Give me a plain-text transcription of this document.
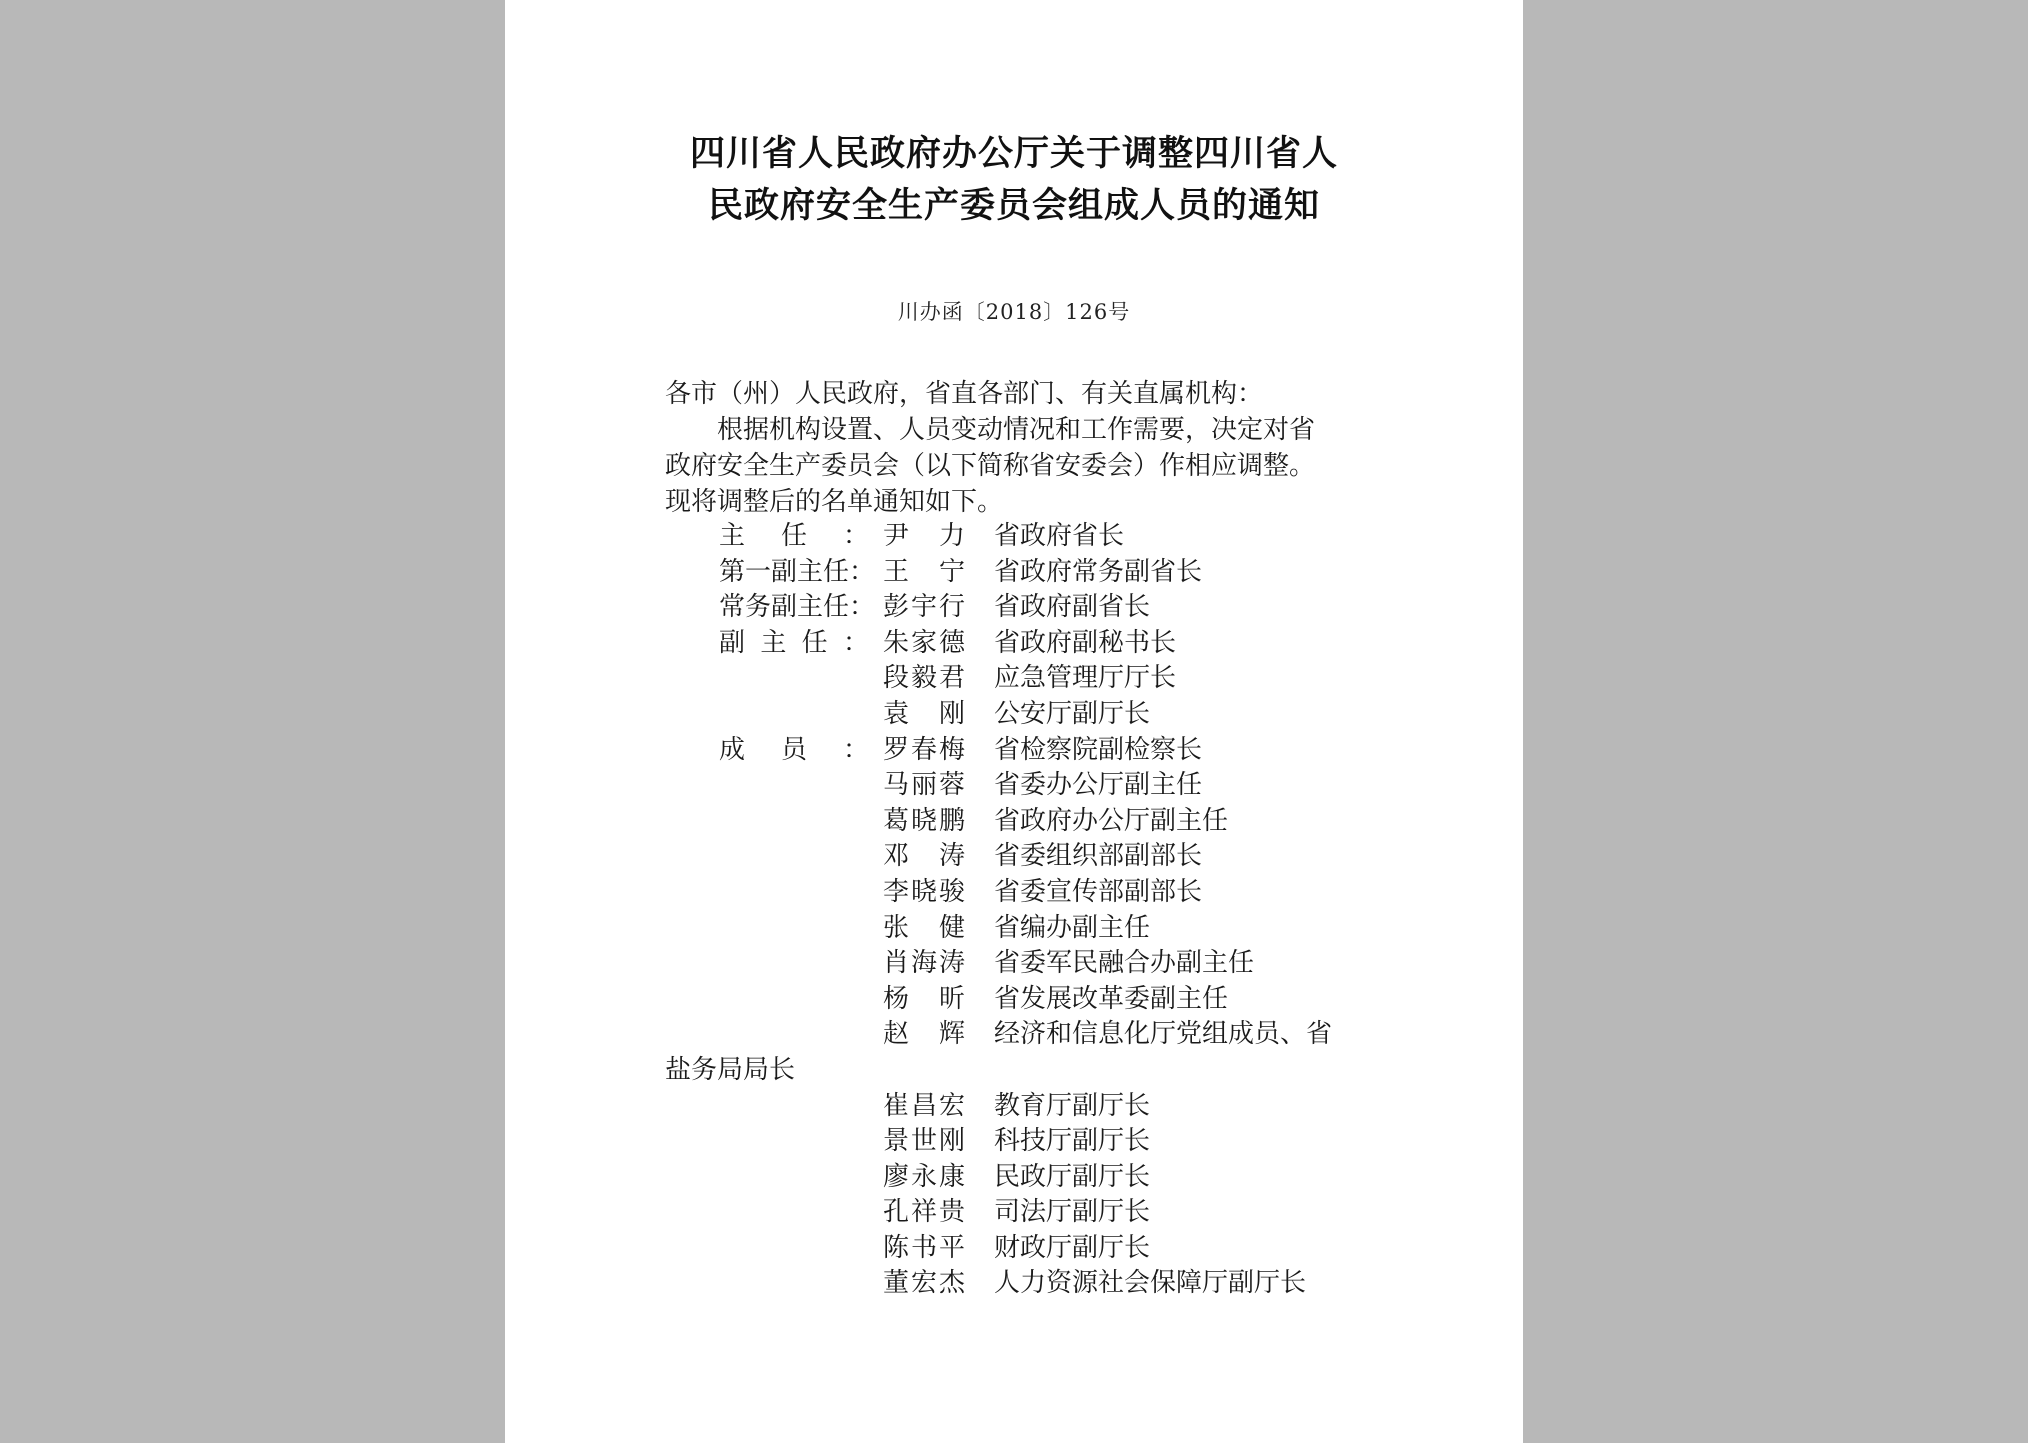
四川省人民政府办公厅关于调整四川省人
民政府安全生产委员会组成人员的通知
川办函〔2018〕126号
各市（州）人民政府，省直各部门、有关直属机构：
根据机构设置、人员变动情况和工作需要，决定对省
政府安全生产委员会（以下简称省安委会）作相应调整。
现将调整后的名单通知如下。
主任： 尹力 省政府省长
第一副主任： 王宁 省政府常务副省长
常务副主任： 彭宇行 省政府副省长
副主任： 朱家德 省政府副秘书长
段毅君 应急管理厅厅长
袁刚 公安厅副厅长
成员： 罗春梅 省检察院副检察长
马丽蓉 省委办公厅副主任
葛晓鹏 省政府办公厅副主任
邓涛 省委组织部副部长
李晓骏 省委宣传部副部长
张健 省编办副主任
肖海涛 省委军民融合办副主任
杨昕 省发展改革委副主任
赵辉 经济和信息化厅党组成员、省
盐务局局长
崔昌宏 教育厅副厅长
景世刚 科技厅副厅长
廖永康 民政厅副厅长
孔祥贵 司法厅副厅长
陈书平 财政厅副厅长
董宏杰 人力资源社会保障厅副厅长
